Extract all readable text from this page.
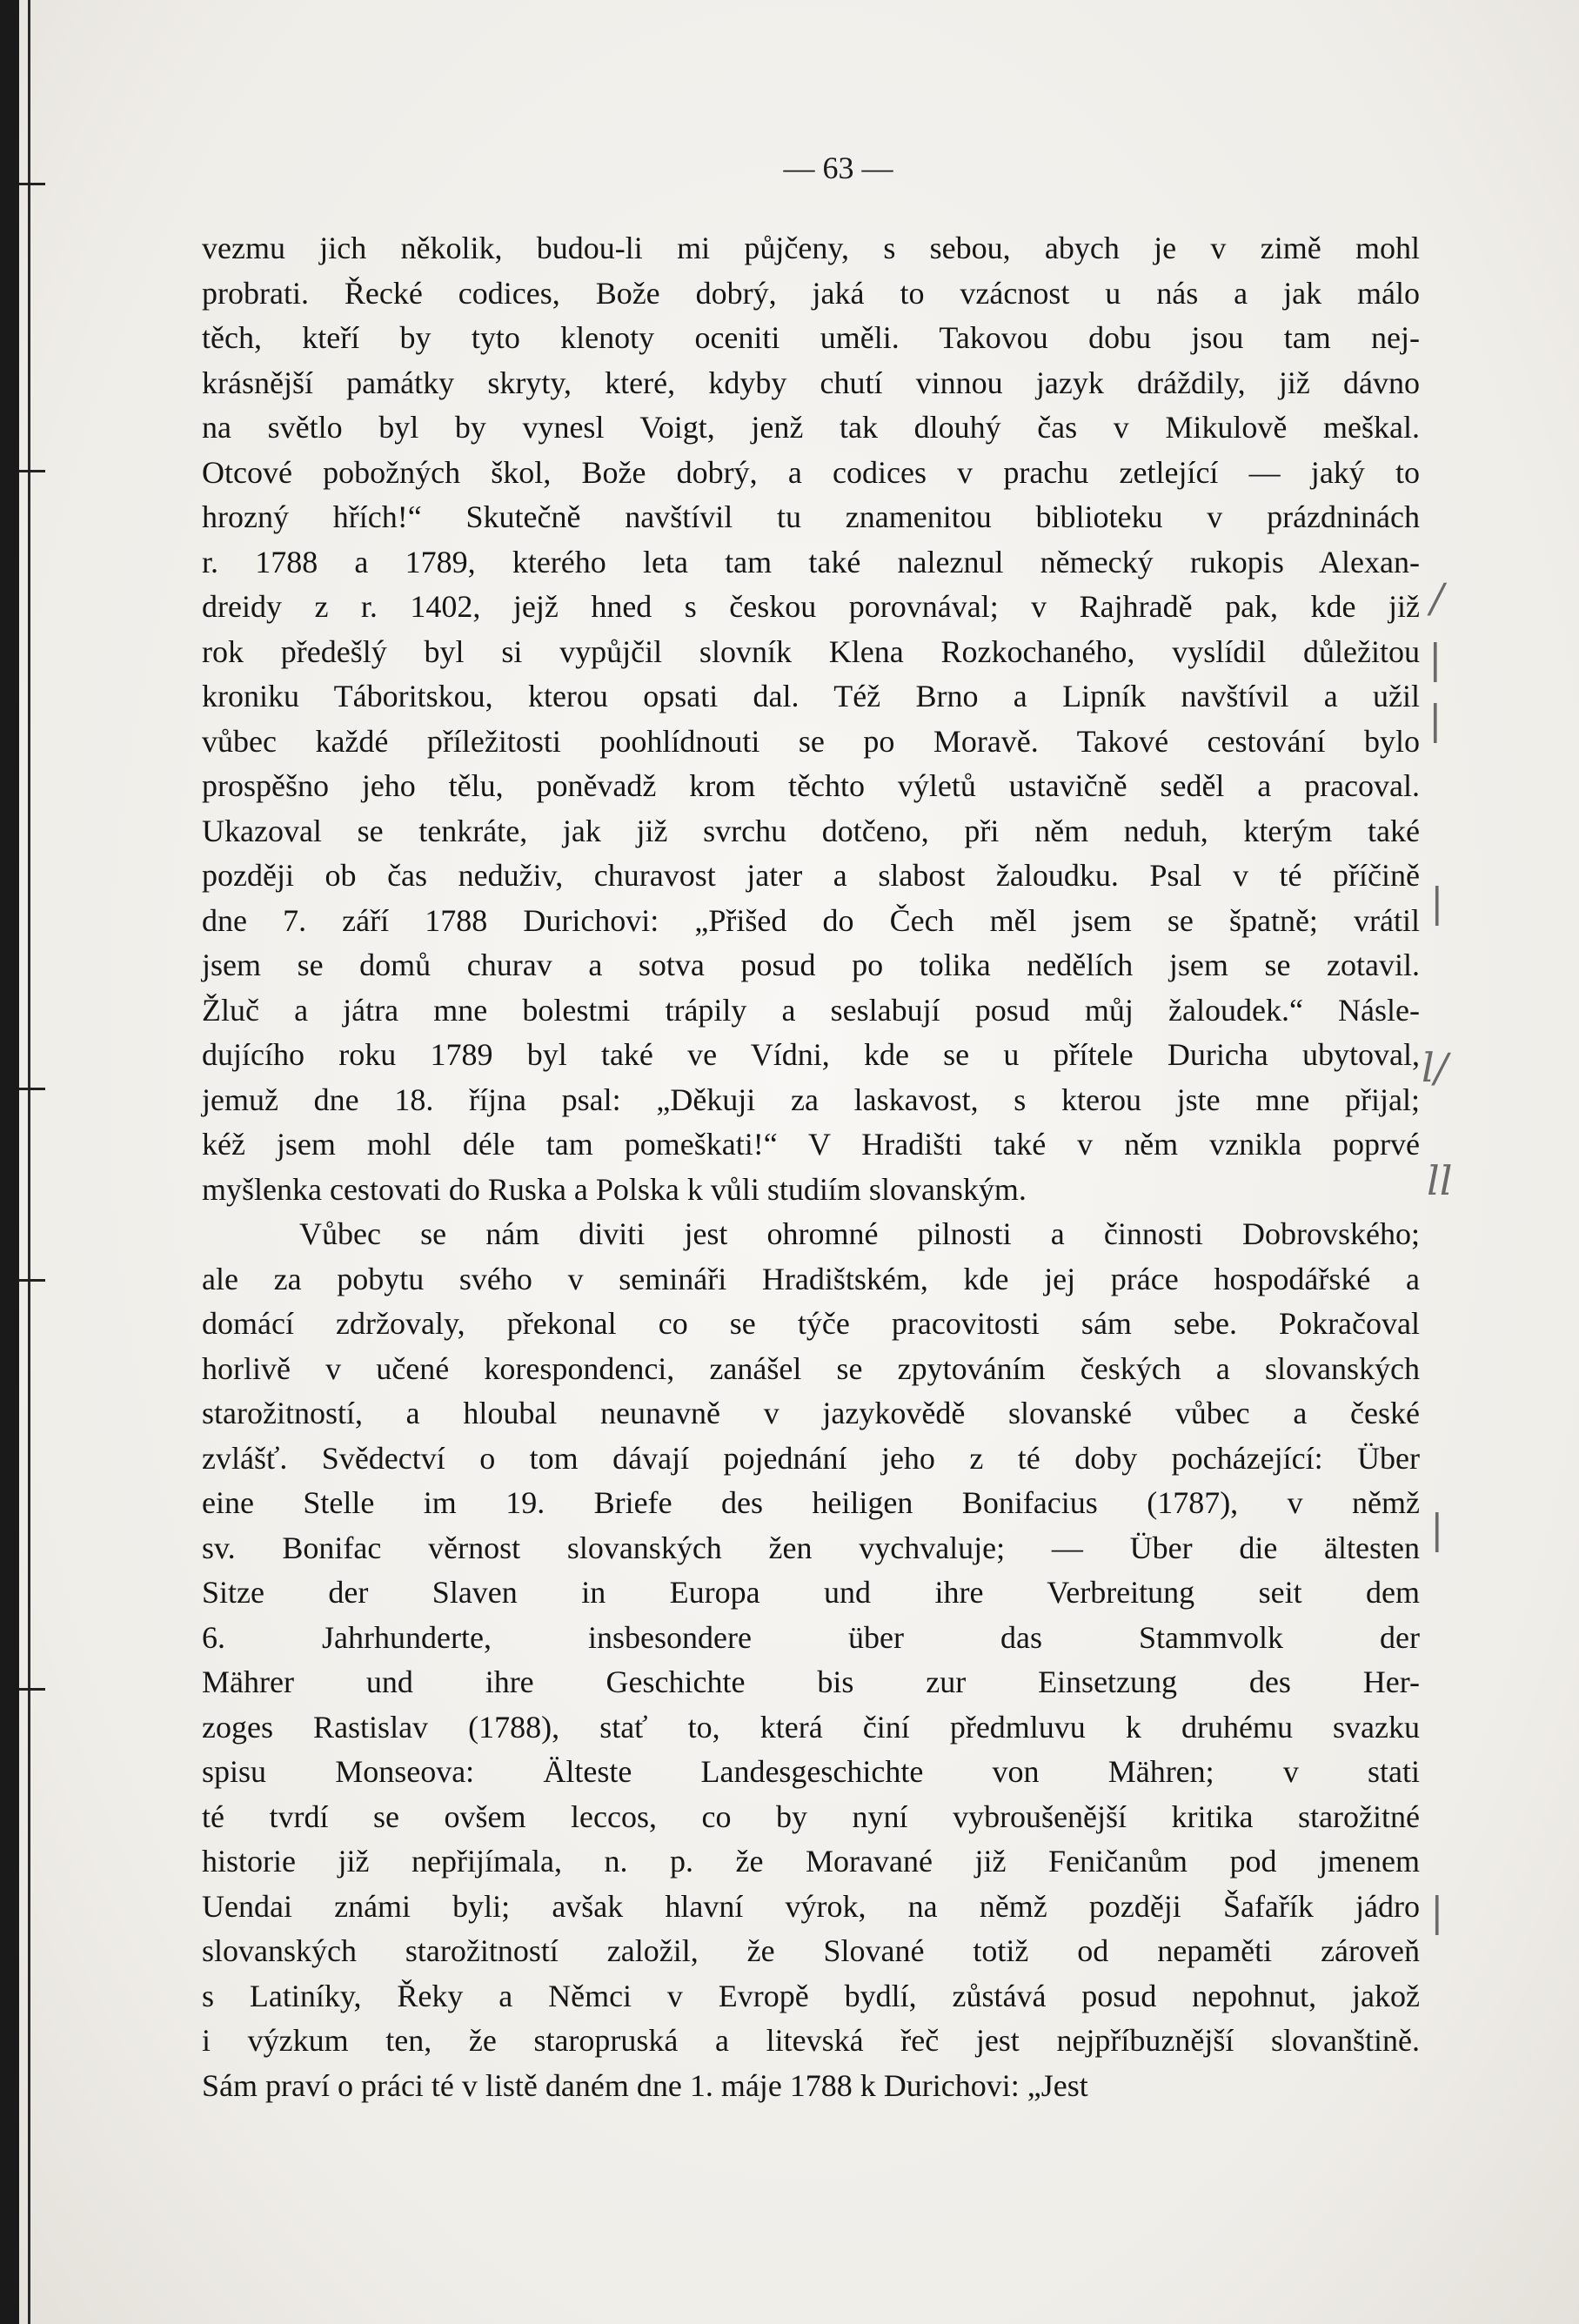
— 63 —
vezmu jich několik, budou-li mi půjčeny, s sebou, abych je v zimě mohl
probrati. Řecké codices, Bože dobrý, jaká to vzácnost u nás a jak málo
těch, kteří by tyto klenoty oceniti uměli. Takovou dobu jsou tam nej-
krásnější památky skryty, které, kdyby chutí vinnou jazyk dráždily, již dávno
na světlo byl by vynesl Voigt, jenž tak dlouhý čas v Mikulově meškal.
Otcové pobožných škol, Bože dobrý, a codices v prachu zetlející — jaký to
hrozný hřích!“ Skutečně navštívil tu znamenitou biblioteku v prázdninách
r. 1788 a 1789, kterého leta tam také naleznul německý rukopis Alexan-
dreidy z r. 1402, jejž hned s českou porovnával; v Rajhradě pak, kde již
rok předešlý byl si vypůjčil slovník Klena Rozkochaného, vyslídil důležitou
kroniku Táboritskou, kterou opsati dal. Též Brno a Lipník navštívil a užil
vůbec každé příležitosti poohlídnouti se po Moravě. Takové cestování bylo
prospěšno jeho tělu, poněvadž krom těchto výletů ustavičně seděl a pracoval.
Ukazoval se tenkráte, jak již svrchu dotčeno, při něm neduh, kterým také
později ob čas neduživ, churavost jater a slabost žaloudku. Psal v té příčině
dne 7. září 1788 Durichovi: „Přišed do Čech měl jsem se špatně; vrátil
jsem se domů churav a sotva posud po tolika nedělích jsem se zotavil.
Žluč a játra mne bolestmi trápily a seslabují posud můj žaloudek.“ Násle-
dujícího roku 1789 byl také ve Vídni, kde se u přítele Duricha ubytoval,
jemuž dne 18. října psal: „Děkuji za laskavost, s kterou jste mne přijal;
kéž jsem mohl déle tam pomeškati!“ V Hradišti také v něm vznikla poprvé
myšlenka cestovati do Ruska a Polska k vůli studiím slovanským.
Vůbec se nám diviti jest ohromné pilnosti a činnosti Dobrovského;
ale za pobytu svého v semináři Hradištském, kde jej práce hospodářské a
domácí zdržovaly, překonal co se týče pracovitosti sám sebe. Pokračoval
horlivě v učené korespondenci, zanášel se zpytováním českých a slovanských
starožitností, a hloubal neunavně v jazykovědě slovanské vůbec a české
zvlášť. Svědectví o tom dávají pojednání jeho z té doby pocházející: Über
eine Stelle im 19. Briefe des heiligen Bonifacius (1787), v němž
sv. Bonifac věrnost slovanských žen vychvaluje; — Über die ältesten
Sitze der Slaven in Europa und ihre Verbreitung seit dem
6. Jahrhunderte, insbesondere über das Stammvolk der
Mährer und ihre Geschichte bis zur Einsetzung des Her-
zoges Rastislav (1788), stať to, která činí předmluvu k druhému svazku
spisu Monseova: Älteste Landesgeschichte von Mähren; v stati
té tvrdí se ovšem leccos, co by nyní vybroušenější kritika starožitné
historie již nepřijímala, n. p. že Moravané již Feničanům pod jmenem
Uendai známi byli; avšak hlavní výrok, na němž později Šafařík jádro
slovanských starožitností založil, že Slované totiž od nepaměti zároveň
s Latiníky, Řeky a Němci v Evropě bydlí, zůstává posud nepohnut, jakož
i výzkum ten, že staropruská a litevská řeč jest nejpříbuznější slovanštině.
Sám praví o práci té v listě daném dne 1. máje 1788 k Durichovi: „Jest
/
|
|
|
l/
ll
|
|
